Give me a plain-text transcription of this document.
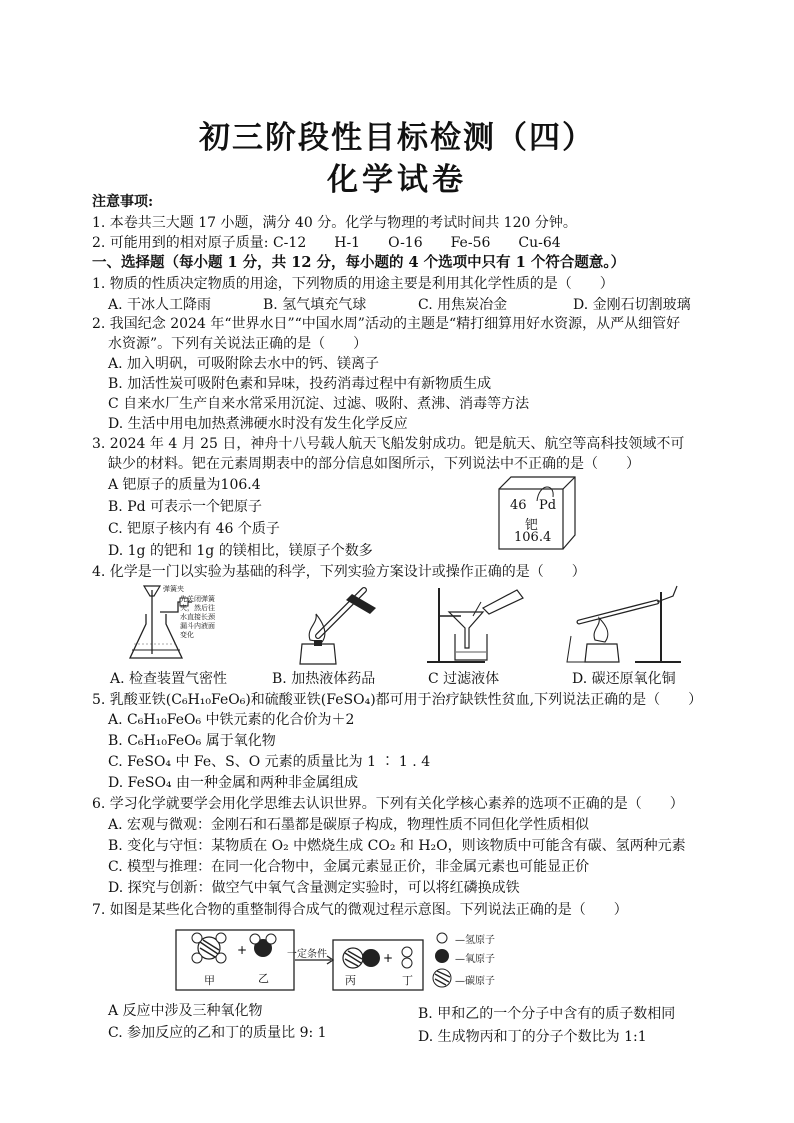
初三阶段性目标检测（四）
化学试卷
注意事项:
1. 本卷共三大题 17 小题，满分 40 分。化学与物理的考试时间共 120 分钟。
2. 可能用到的相对原子质量: C-12　　H-1　　O-16　　Fe-56　　Cu-64
一、选择题（每小题 1 分，共 12 分，每小题的 4 个选项中只有 1 个符合题意。）
1. 物质的性质决定物质的用途，下列物质的用途主要是利用其化学性质的是（　　）
A. 干冰人工降雨	B. 氢气填充气球	C. 用焦炭冶金	D. 金刚石切割玻璃
2. 我国纪念 2024 年“世界水日”“中国水周”活动的主题是“精打细算用好水资源，从严从细管好
水资源”。下列有关说法正确的是（　　）
A. 加入明矾，可吸附除去水中的钙、镁离子
B. 加活性炭可吸附色素和异味，投药消毒过程中有新物质生成
C 自来水厂生产自来水常采用沉淀、过滤、吸附、煮沸、消毒等方法
D. 生活中用电加热煮沸硬水时没有发生化学反应
3. 2024 年 4 月 25 日，神舟十八号载人航天飞船发射成功。钯是航天、航空等高科技领域不可
缺少的材料。钯在元素周期表中的部分信息如图所示，下列说法中不正确的是（　　）
A 钯原子的质量为106.4
B. Pd 可表示一个钯原子
C. 钯原子核内有 46 个质子
D. 1g 的钯和 1g 的镁相比，镁原子个数多
46 Pd
钯
106.4
4. 化学是一门以实验为基础的科学，下列实验方案设计或操作正确的是（　　）
弹簧夹
先关闭弹簧
夹，然后往
水直接长颈
漏斗内液面
变化
A. 检查装置气密性	B. 加热液体药品	C 过滤液体	D. 碳还原氧化铜
5. 乳酸亚铁(C₆H₁₀FeO₆)和硫酸亚铁(FeSO₄)都可用于治疗缺铁性贫血,下列说法正确的是（　　）
A. C₆H₁₀FeO₆ 中铁元素的化合价为＋2
B. C₆H₁₀FeO₆ 属于氧化物
C. FeSO₄ 中 Fe、S、O 元素的质量比为 1 ∶ 1 . 4
D. FeSO₄ 由一种金属和两种非金属组成
6. 学习化学就要学会用化学思维去认识世界。下列有关化学核心素养的选项不正确的是（　　）
A. 宏观与微观：金刚石和石墨都是碳原子构成，物理性质不同但化学性质相似
B. 变化与守恒：某物质在 O₂ 中燃烧生成 CO₂ 和 H₂O，则该物质中可能含有碳、氢两种元素
C. 模型与推理：在同一化合物中，金属元素显正价，非金属元素也可能显正价
D. 探究与创新：做空气中氧气含量测定实验时，可以将红磷换成铁
7. 如图是某些化合物的重整制得合成气的微观过程示意图。下列说法正确的是（　　）
+
+
一定条件
甲	乙	丙	丁
—氢原子
—氧原子
—碳原子
A 反应中涉及三种氧化物	B. 甲和乙的一个分子中含有的质子数相同
C. 参加反应的乙和丁的质量比 9: 1	D. 生成物丙和丁的分子个数比为 1:1
